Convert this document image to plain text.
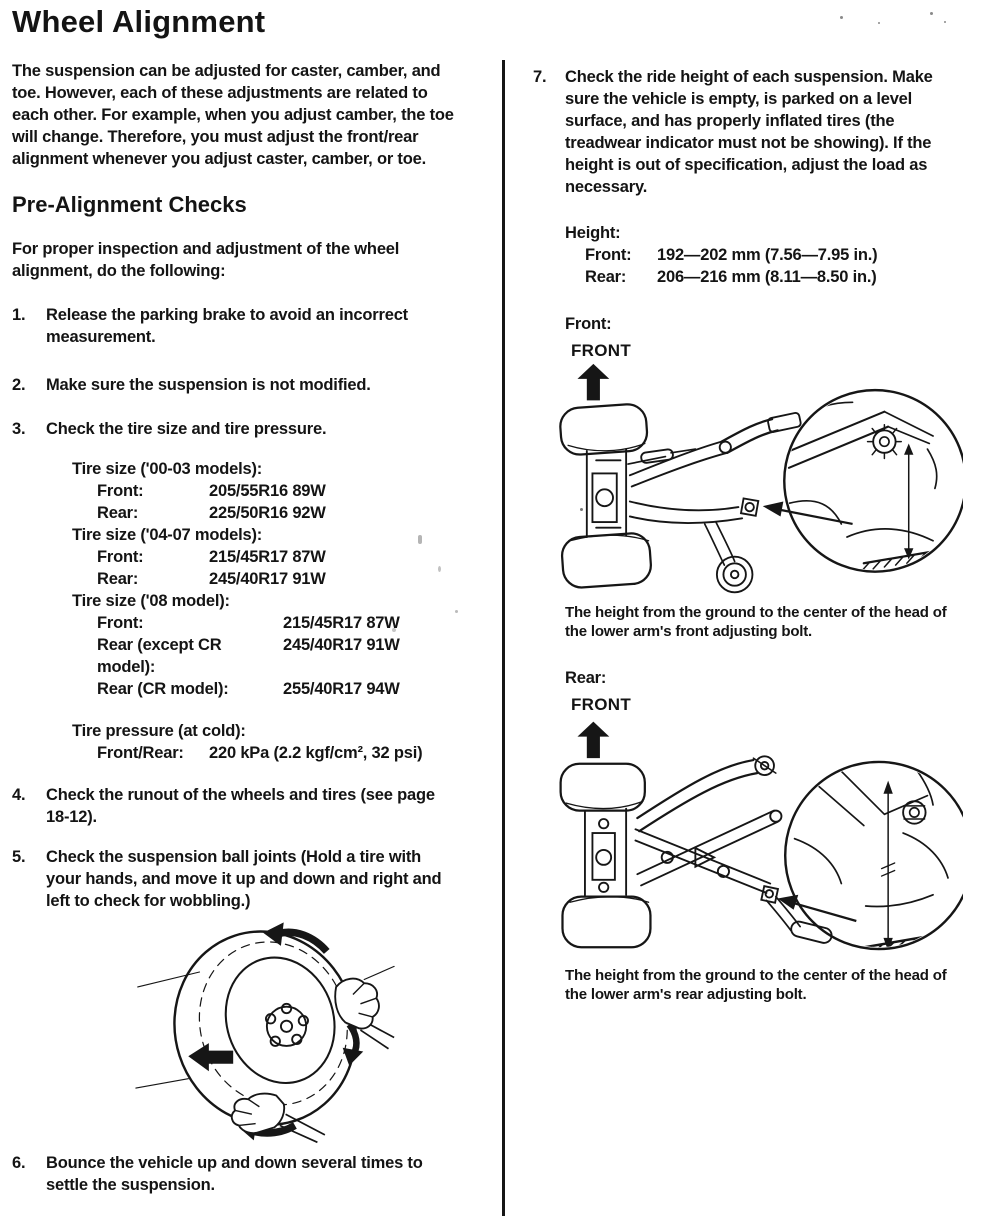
Wheel Alignment

The suspension can be adjusted for caster, camber, and toe. However, each of these adjustments are related to each other. For example, when you adjust camber, the toe will change. Therefore, you must adjust the front/rear alignment whenever you adjust caster, camber, or toe.

Pre-Alignment Checks

For proper inspection and adjustment of the wheel alignment, do the following:

1.	Release the parking brake to avoid an incorrect measurement.
2.	Make sure the suspension is not modified.
3.	Check the tire size and tire pressure.
Tire size ('00-03 models):
Front:	205/55R16 89W
Rear:	225/50R16 92W
Tire size ('04-07 models):
Front:	215/45R17 87W
Rear:	245/40R17 91W
Tire size ('08 model):
Front:	215/45R17 87W
Rear (except CR model):
245/40R17 91W
Rear (CR model):	255/40R17 94W
Tire pressure (at cold):
Front/Rear:	220 kPa (2.2 kgf/cm², 32 psi)
4.	Check the runout of the wheels and tires (see page 18-12).
5.	Check the suspension ball joints (Hold a tire with your hands, and move it up and down and right and left to check for wobbling.)
6.	Bounce the vehicle up and down several times to settle the suspension.
7.	Check the ride height of each suspension. Make sure the vehicle is empty, is parked on a level surface, and has properly inflated tires (the treadwear indicator must not be showing). If the height is out of specification, adjust the load as necessary.
Height:
Front:	192—202 mm (7.56—7.95 in.)
Rear:	206—216 mm (8.11—8.50 in.)
Front:
FRONT

The height from the ground to the center of the head of the lower arm's front adjusting bolt.

Rear:
FRONT

The height from the ground to the center of the head of the lower arm's rear adjusting bolt.
